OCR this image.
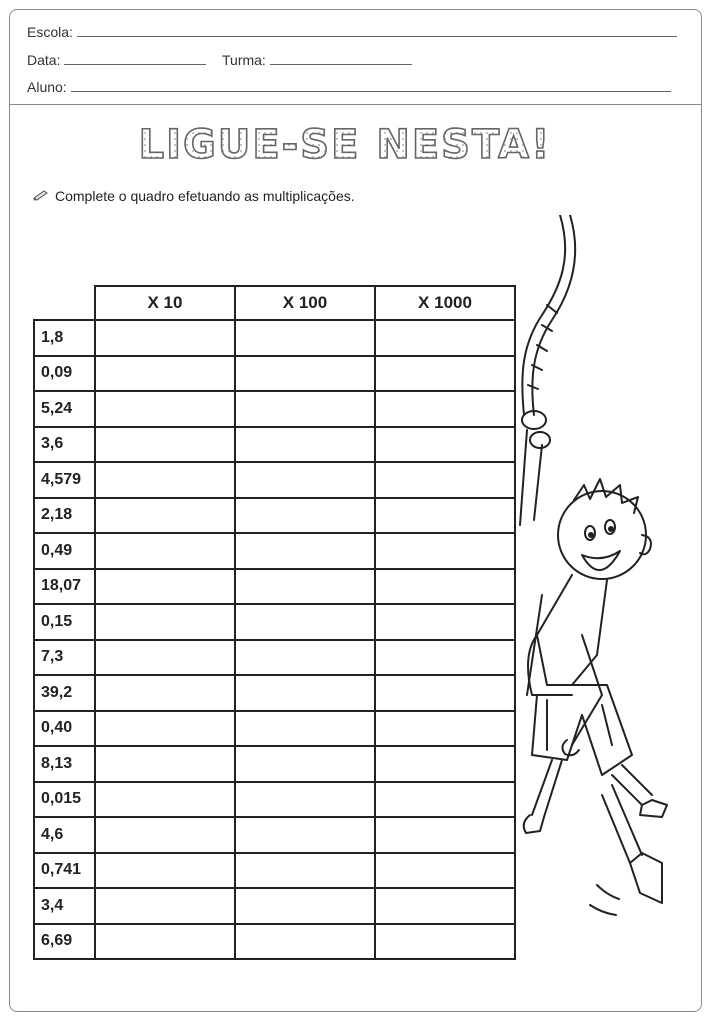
Escola:
Data:	Turma:
Aluno:
LIGUE-SE NESTA!
Complete o quadro efetuando as multiplicações.
	X 10	X 100	X 1000
1,8			
0,09			
5,24			
3,6			
4,579			
2,18			
0,49			
18,07			
0,15			
7,3			
39,2			
0,40			
8,13			
0,015			
4,6			
0,741			
3,4			
6,69			
